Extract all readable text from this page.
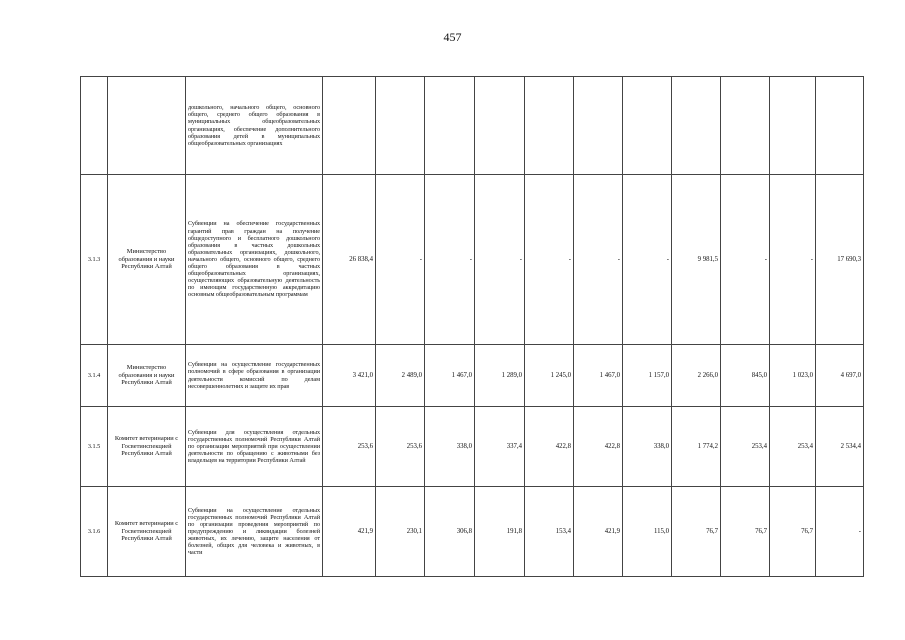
457
		дошкольного, начального общего, основного общего, среднего общего образования в муниципальных общеобразовательных организациях, обеспечение дополнительного образования детей в муниципальных общеобразовательных организациях											
3.1.3	Министерство образования и науки Республики Алтай	Субвенции на обеспечение государственных гарантий прав граждан на получение общедоступного и бесплатного дошкольного образования в частных дошкольных образовательных организациях, дошкольного, начального общего, основного общего, среднего общего образования в частных общеобразовательных организациях, осуществляющих образовательную деятельность по имеющим государственную аккредитацию основным общеобразовательным программам	26 838,4	-	-	-	-	-	-	9 981,5	-	-	17 690,3
3.1.4	Министерство образования и науки Республики Алтай	Субвенции на осуществление государственных полномочий в сфере образования в организации деятельности комиссий по делам несовершеннолетних и защите их прав	3 421,0	2 489,0	1 467,0	1 289,0	1 245,0	1 467,0	1 157,0	2 266,0	845,0	1 023,0	4 697,0
3.1.5	Комитет ветеринарии с Госветинспекцией Республики Алтай	Субвенции для осуществления отдельных государственных полномочий Республики Алтай по организации мероприятий при осуществлении деятельности по обращению с животными без владельцев на территории Республики Алтай	253,6	253,6	338,0	337,4	422,8	422,8	338,0	1 774,2	253,4	253,4	2 534,4
3.1.6	Комитет ветеринарии с Госветинспекцией Республики Алтай	Субвенции на осуществление отдельных государственных полномочий Республики Алтай по организации проведения мероприятий по предупреждению и ликвидации болезней животных, их лечению, защите населения от болезней, общих для человека и животных, в части	421,9	230,1	306,8	191,8	153,4	421,9	115,0	76,7	76,7	76,7	-
